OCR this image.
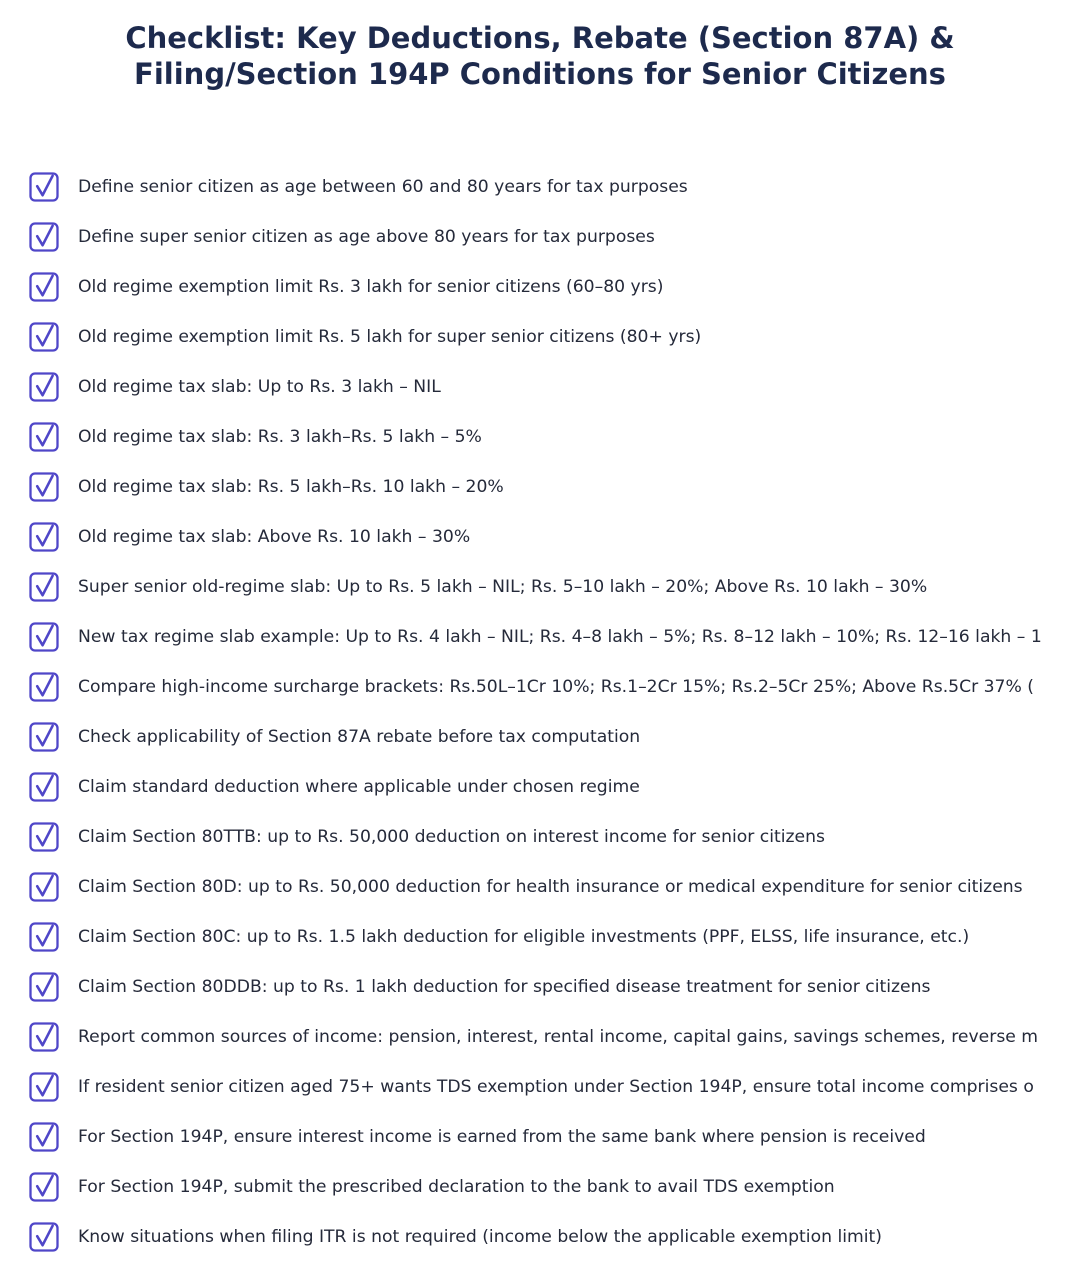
Checklist: Key Deductions, Rebate (Section 87A) & Filing/Section 194P Conditions for Senior Citizens
Define senior citizen as age between 60 and 80 years for tax purposes
Define super senior citizen as age above 80 years for tax purposes
Old regime exemption limit Rs. 3 lakh for senior citizens (60–80 yrs)
Old regime exemption limit Rs. 5 lakh for super senior citizens (80+ yrs)
Old regime tax slab: Up to Rs. 3 lakh – NIL
Old regime tax slab: Rs. 3 lakh–Rs. 5 lakh – 5%
Old regime tax slab: Rs. 5 lakh–Rs. 10 lakh – 20%
Old regime tax slab: Above Rs. 10 lakh – 30%
Super senior old-regime slab: Up to Rs. 5 lakh – NIL; Rs. 5–10 lakh – 20%; Above Rs. 10 lakh – 30%
New tax regime slab example: Up to Rs. 4 lakh – NIL; Rs. 4–8 lakh – 5%; Rs. 8–12 lakh – 10%; Rs. 12–16 lakh – 1
Compare high-income surcharge brackets: Rs.50L–1Cr 10%; Rs.1–2Cr 15%; Rs.2–5Cr 25%; Above Rs.5Cr 37% (
Check applicability of Section 87A rebate before tax computation
Claim standard deduction where applicable under chosen regime
Claim Section 80TTB: up to Rs. 50,000 deduction on interest income for senior citizens
Claim Section 80D: up to Rs. 50,000 deduction for health insurance or medical expenditure for senior citizens
Claim Section 80C: up to Rs. 1.5 lakh deduction for eligible investments (PPF, ELSS, life insurance, etc.)
Claim Section 80DDB: up to Rs. 1 lakh deduction for specified disease treatment for senior citizens
Report common sources of income: pension, interest, rental income, capital gains, savings schemes, reverse m
If resident senior citizen aged 75+ wants TDS exemption under Section 194P, ensure total income comprises o
For Section 194P, ensure interest income is earned from the same bank where pension is received
For Section 194P, submit the prescribed declaration to the bank to avail TDS exemption
Know situations when filing ITR is not required (income below the applicable exemption limit)
